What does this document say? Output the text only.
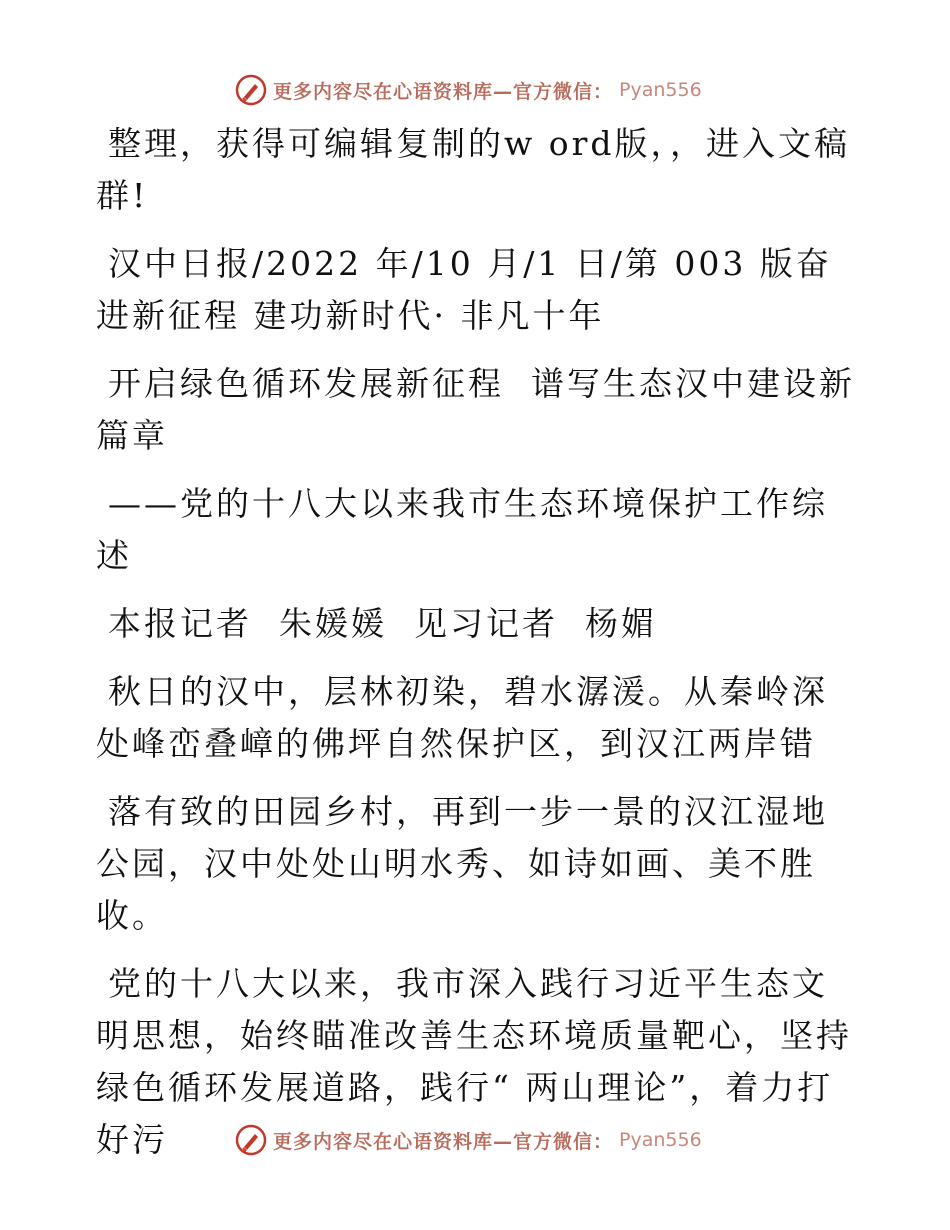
更多内容尽在心语资料库—官方微信： Pyan556

整理，获得可编辑复制的w ord版，，进入文稿群!

汉中日报/2022 年/10 月/1 日/第 003 版奋进新征程 建功新时代· 非凡十年

开启绿色循环发展新征程  谱写生态汉中建设新篇章

——党的十八大以来我市生态环境保护工作综述

本报记者  朱媛媛  见习记者  杨媚

秋日的汉中，层林初染，碧水潺湲。从秦岭深处峰峦叠嶂的佛坪自然保护区，到汉江两岸错

落有致的田园乡村，再到一步一景的汉江湿地公园，汉中处处山明水秀、如诗如画、美不胜收。

党的十八大以来，我市深入践行习近平生态文明思想，始终瞄准改善生态环境质量靶心，坚持绿色循环发展道路，践行“ 两山理论”，着力打好污	更多内容尽在心语资料库—官方微信： Pyan556
